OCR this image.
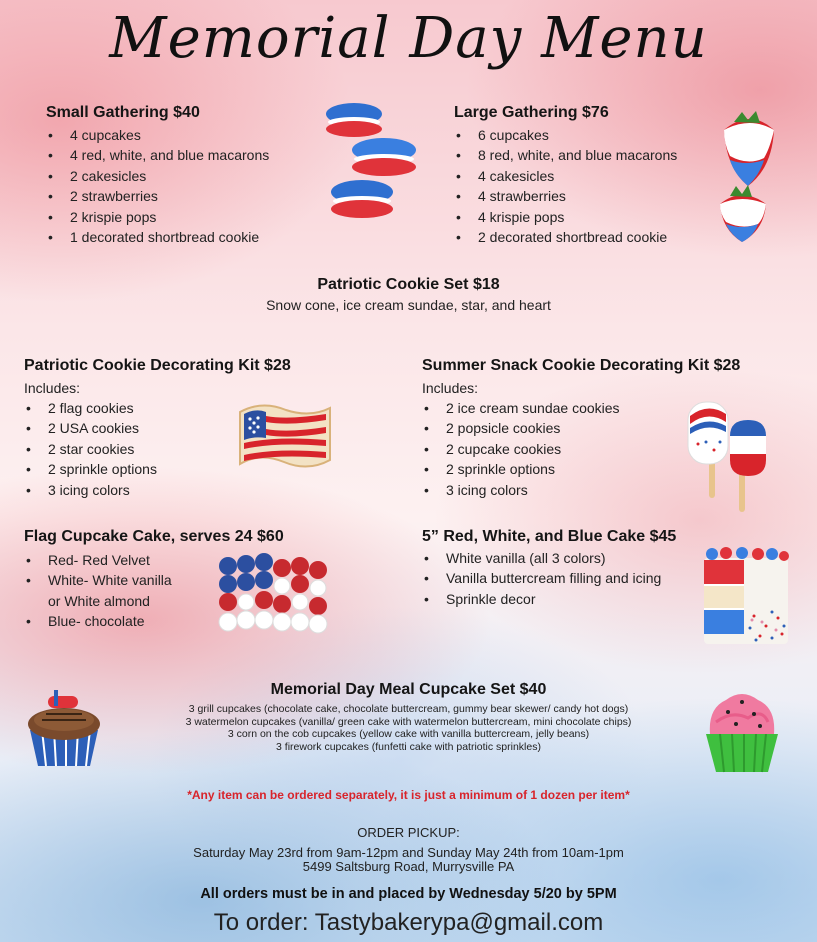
Memorial Day Menu
Small Gathering $40
• 4 cupcakes
• 4 red, white, and blue macarons
• 2 cakesicles
• 2 strawberries
• 2 krispie pops
• 1 decorated shortbread cookie
Large Gathering $76
• 6 cupcakes
• 8 red, white, and blue macarons
• 4 cakesicles
• 4 strawberries
• 4 krispie pops
• 2 decorated shortbread cookie
Patriotic Cookie Set $18
Snow cone, ice cream sundae, star, and heart
Patriotic Cookie Decorating Kit $28
Includes:
• 2 flag cookies
• 2 USA cookies
• 2 star cookies
• 2 sprinkle options
• 3 icing colors
Summer Snack Cookie Decorating Kit $28
Includes:
• 2 ice cream sundae cookies
• 2 popsicle cookies
• 2 cupcake cookies
• 2 sprinkle options
• 3 icing colors
Flag Cupcake Cake, serves 24 $60
• Red- Red Velvet
• White- White vanilla
or White almond
• Blue- chocolate
5” Red, White, and Blue Cake $45
• White vanilla (all 3 colors)
• Vanilla buttercream filling and icing
• Sprinkle decor
Memorial Day Meal Cupcake Set $40
3 grill cupcakes (chocolate cake, chocolate buttercream, gummy bear skewer/ candy hot dogs)
3 watermelon cupcakes (vanilla/ green cake with watermelon buttercream, mini chocolate chips)
3 corn on the cob cupcakes (yellow cake with vanilla buttercream, jelly beans)
3 firework cupcakes (funfetti cake with patriotic sprinkles)
*Any item can be ordered separately, it is just a minimum of 1 dozen per item*
ORDER PICKUP:
Saturday May 23rd from 9am-12pm and Sunday May 24th from 10am-1pm
5499 Saltsburg Road, Murrysville PA
All orders must be in and placed by Wednesday 5/20 by 5PM
To order: Tastybakerypa@gmail.com
